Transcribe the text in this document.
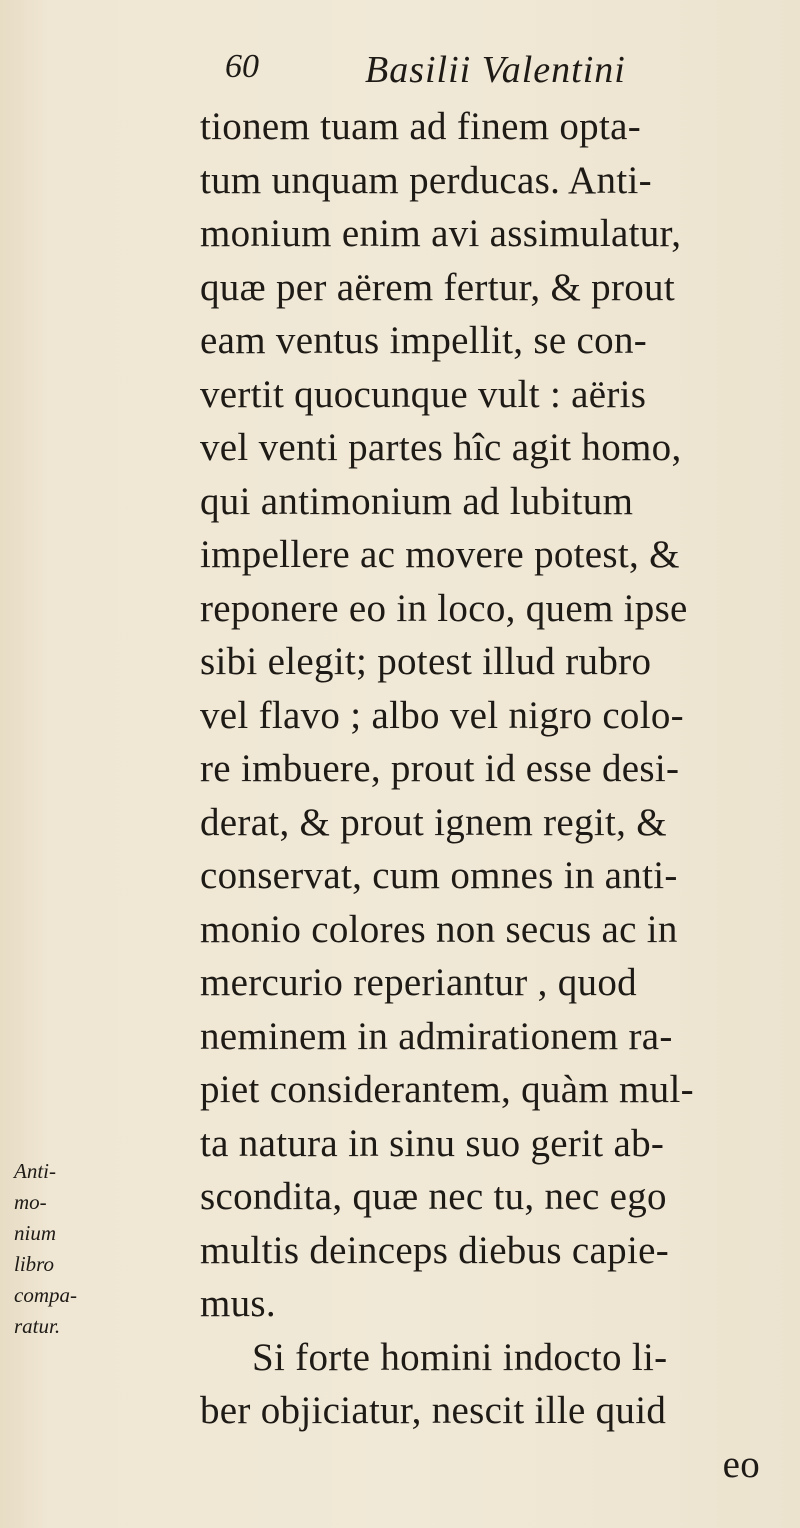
60	Basilii Valentini
tionem tuam ad finem opta-
tum unquam perducas. Anti-
monium enim avi assimulatur,
quæ per aërem fertur, & prout
eam ventus impellit, se con-
vertit quocunque vult : aëris
vel venti partes hîc agit homo,
qui antimonium ad lubitum
impellere ac movere potest, &
reponere eo in loco, quem ipse
sibi elegit; potest illud rubro
vel flavo ; albo vel nigro colo-
re imbuere, prout id esse desi-
derat, & prout ignem regit, &
conservat, cum omnes in anti-
monio colores non secus ac in
mercurio reperiantur , quod
neminem in admirationem ra-
piet considerantem, quàm mul-
ta natura in sinu suo gerit ab-
scondita, quæ nec tu, nec ego
multis deinceps diebus capie-
mus.
Si forte homini indocto li-
ber objiciatur, nescit ille quid
eo
Anti-
mo-
nium
libro
compa-
ratur.
